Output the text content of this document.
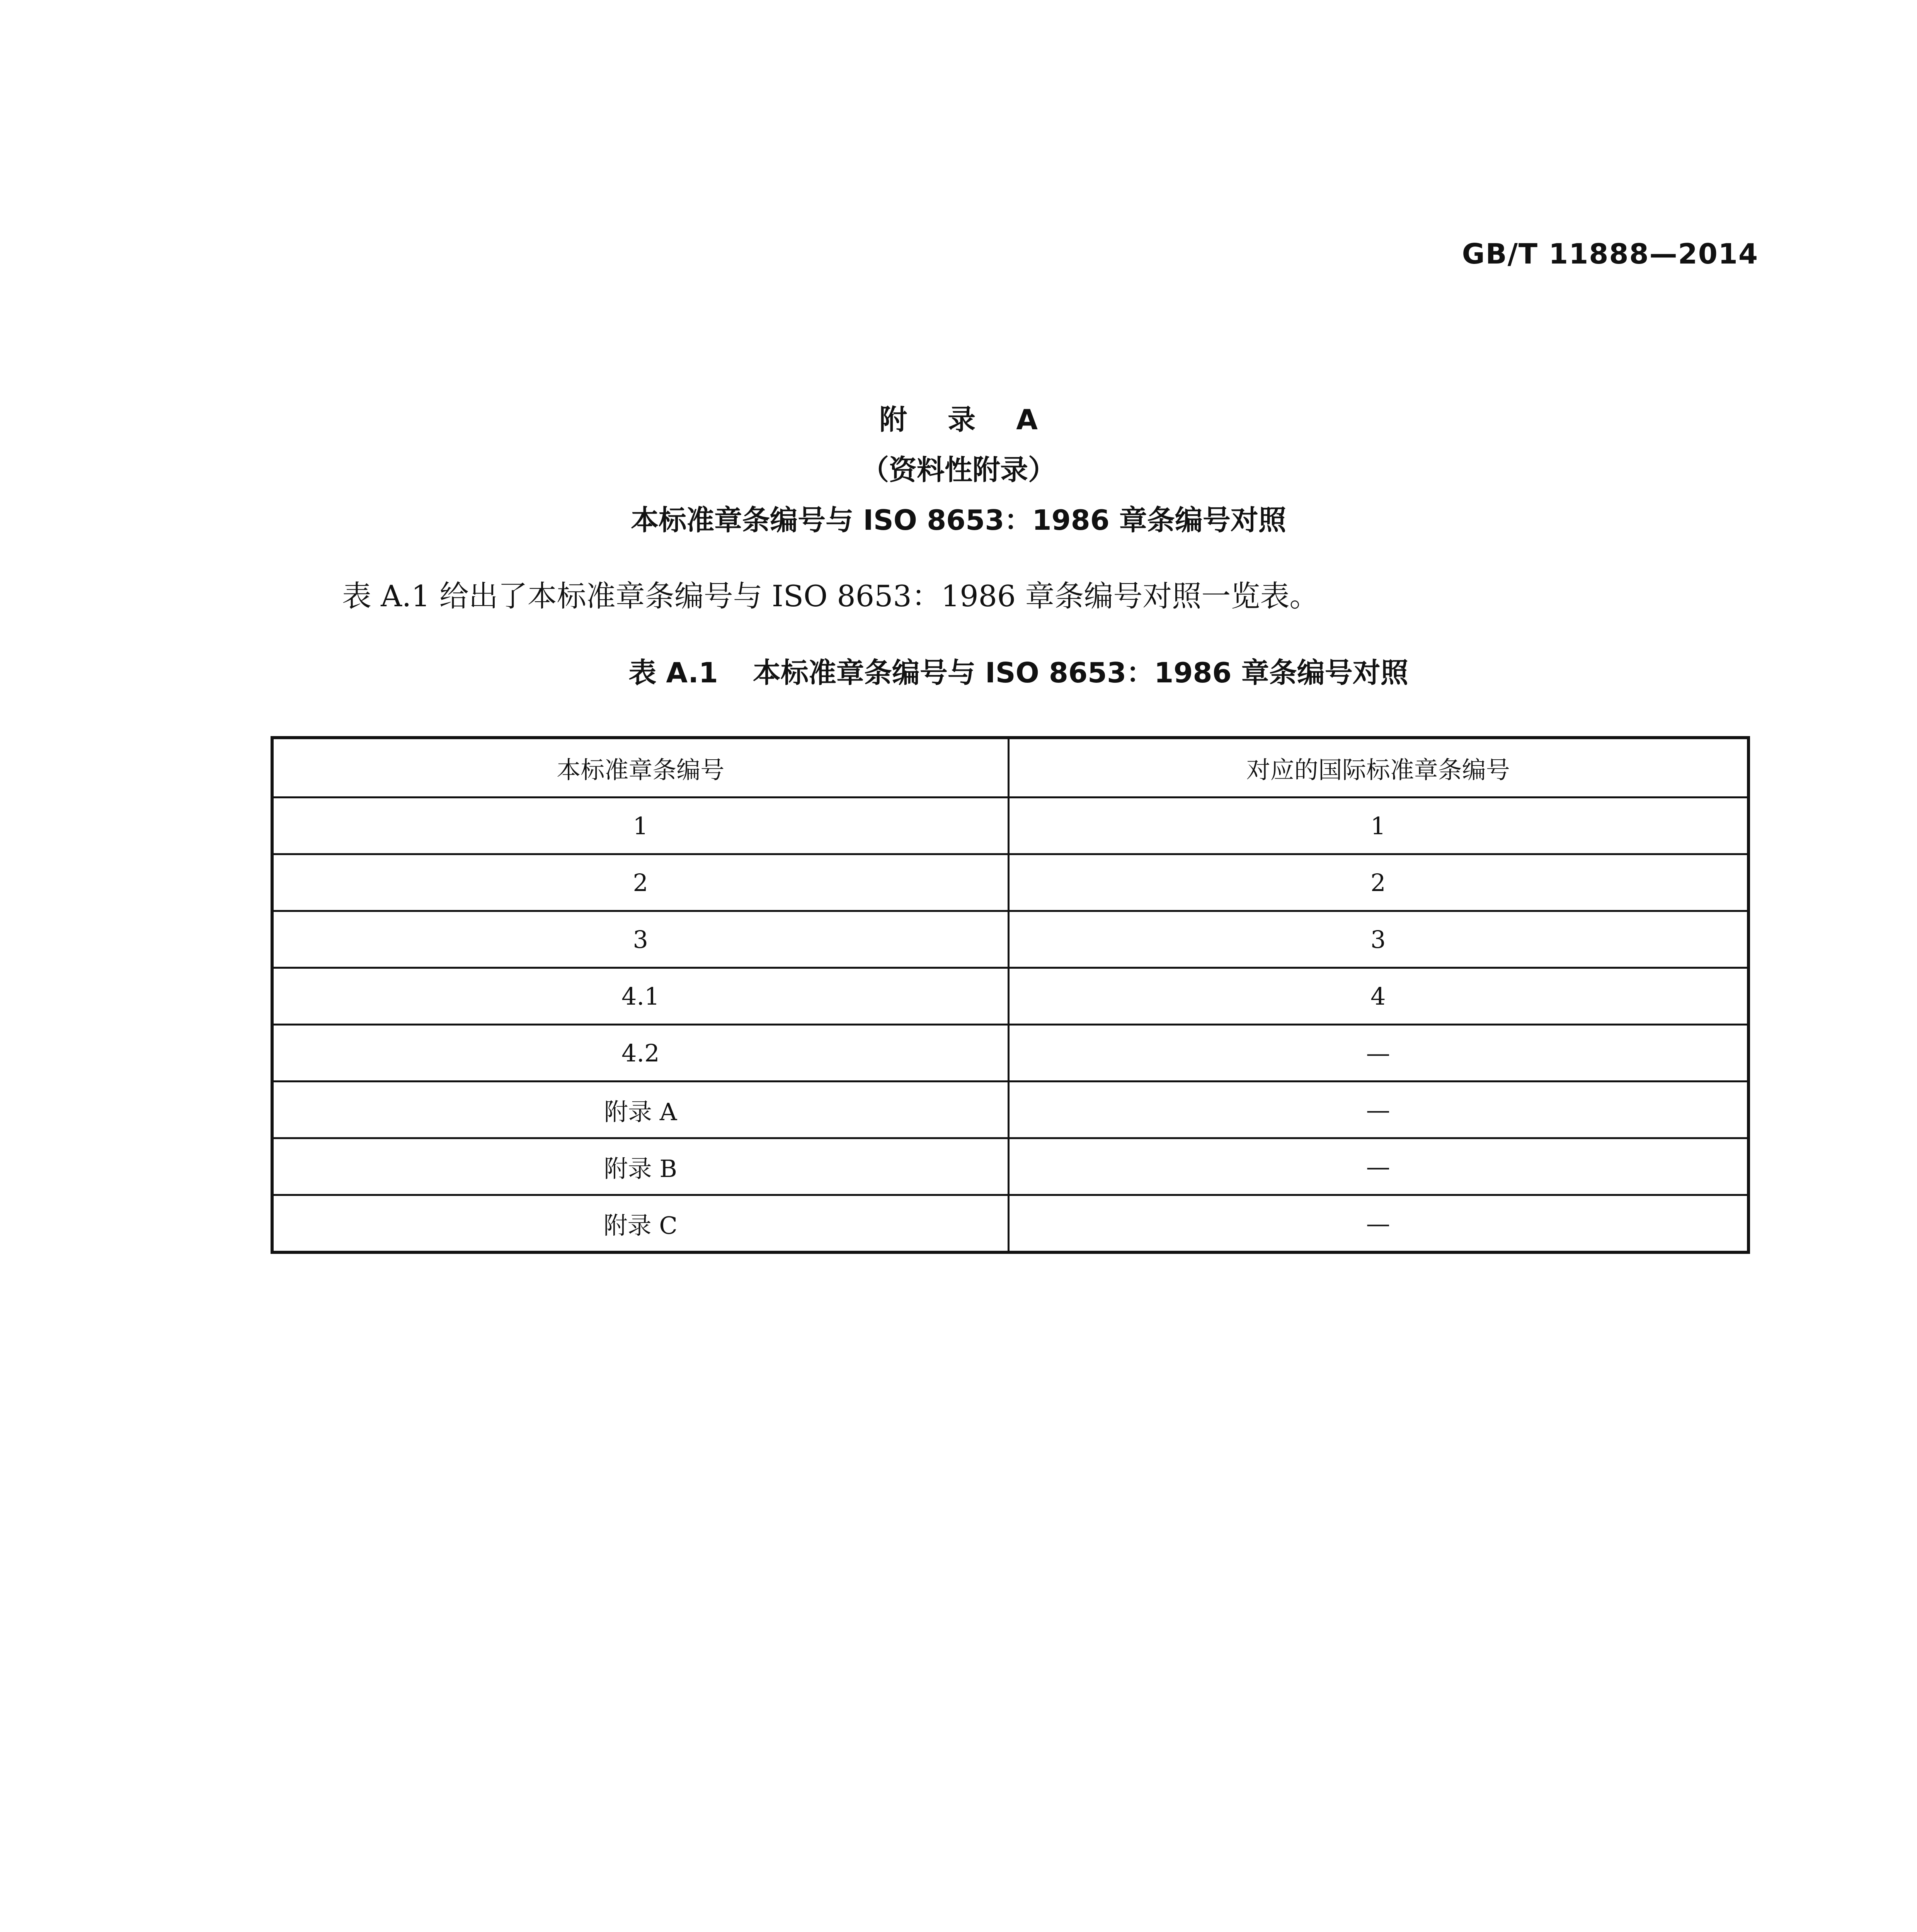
GB/T 11888—2014
附 录 A
（资料性附录）
本标准章条编号与 ISO 8653：1986 章条编号对照
表 A.1 给出了本标准章条编号与 ISO 8653：1986 章条编号对照一览表。
表 A.1 本标准章条编号与 ISO 8653：1986 章条编号对照
本标准章条编号	对应的国际标准章条编号
1	1
2	2
3	3
4.1	4
4.2	—
附录 A	—
附录 B	—
附录 C	—
